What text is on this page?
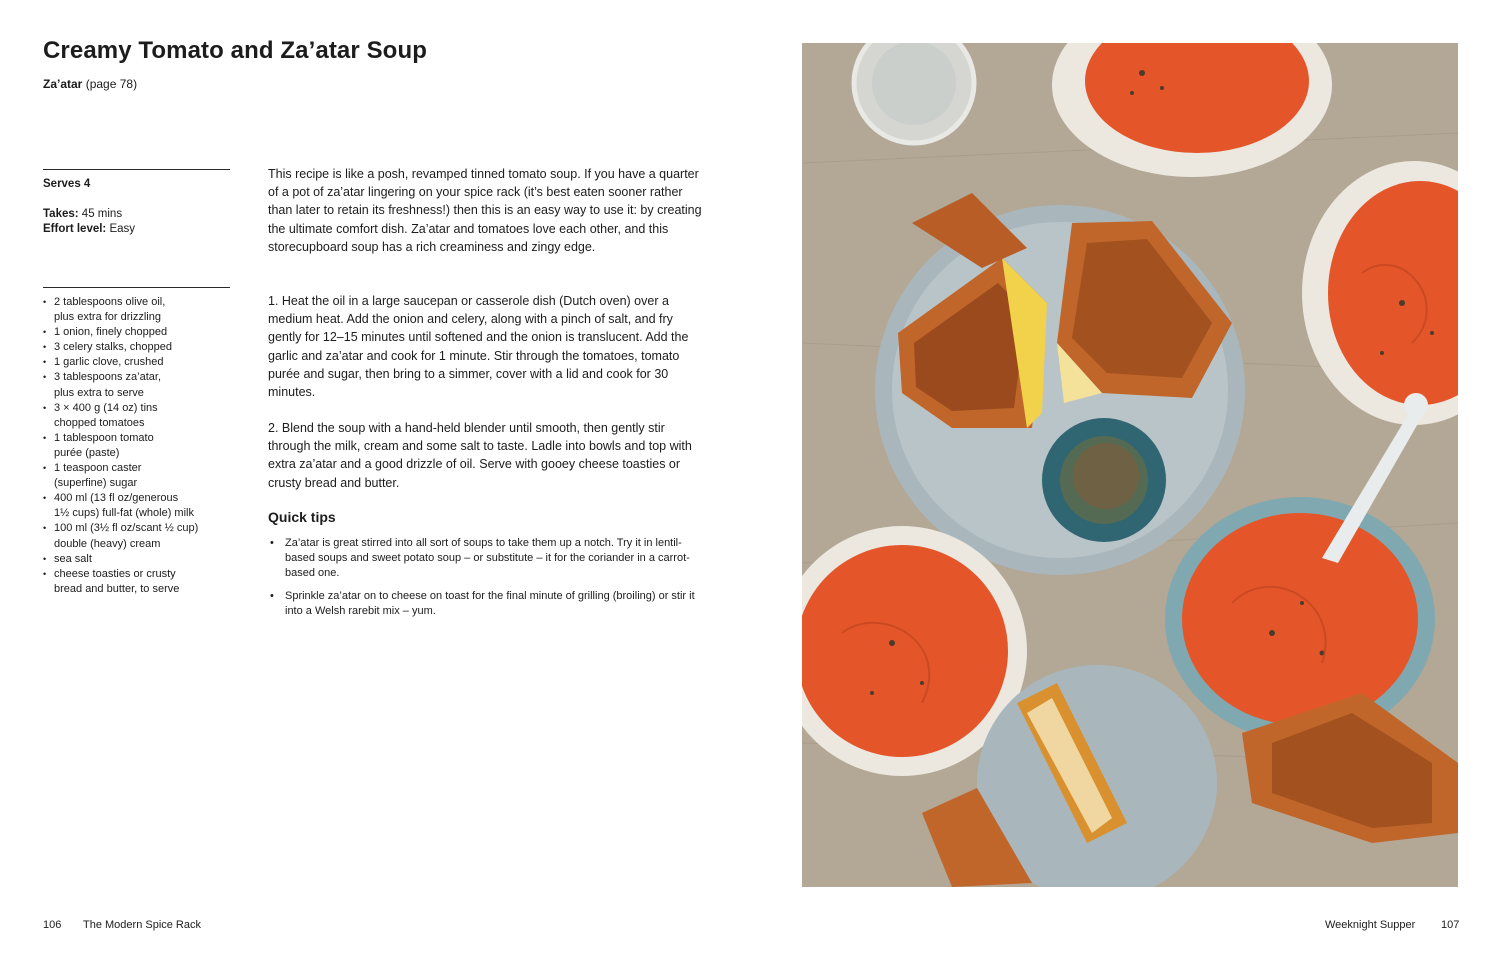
Creamy Tomato and Za’atar Soup
Za’atar (page 78)
Serves 4
Takes: 45 mins
Effort level: Easy
• 2 tablespoons olive oil,
plus extra for drizzling
• 1 onion, finely chopped
• 3 celery stalks, chopped
• 1 garlic clove, crushed
• 3 tablespoons za’atar,
plus extra to serve
• 3 × 400 g (14 oz) tins
chopped tomatoes
• 1 tablespoon tomato
purée (paste)
• 1 teaspoon caster
(superfine) sugar
• 400 ml (13 fl oz/generous
1½ cups) full-fat (whole) milk
• 100 ml (3½ fl oz/scant ½ cup)
double (heavy) cream
• sea salt
• cheese toasties or crusty
bread and butter, to serve

This recipe is like a posh, revamped tinned tomato soup. If you have a quarter of a pot of za’atar lingering on your spice rack (it’s best eaten sooner rather than later to retain its freshness!) then this is an easy way to use it: by creating the ultimate comfort dish. Za’atar and tomatoes love each other, and this storecupboard soup has a rich creaminess and zingy edge.

1. Heat the oil in a large saucepan or casserole dish (Dutch oven) over a medium heat. Add the onion and celery, along with a pinch of salt, and fry gently for 12–15 minutes until softened and the onion is translucent. Add the garlic and za’atar and cook for 1 minute. Stir through the tomatoes, tomato purée and sugar, then bring to a simmer, cover with a lid and cook for 30 minutes.

2. Blend the soup with a hand-held blender until smooth, then gently stir through the milk, cream and some salt to taste. Ladle into bowls and top with extra za’atar and a good drizzle of oil. Serve with gooey cheese toasties or crusty bread and butter.

Quick tips
• Za’atar is great stirred into all sort of soups to take them up a notch. Try it in lentil-based soups and sweet potato soup – or substitute – it for the coriander in a carrot-based one.
• Sprinkle za’atar on to cheese on toast for the final minute of grilling (broiling) or stir it into a Welsh rarebit mix – yum.
106 The Modern Spice Rack	Weeknight Supper 107
